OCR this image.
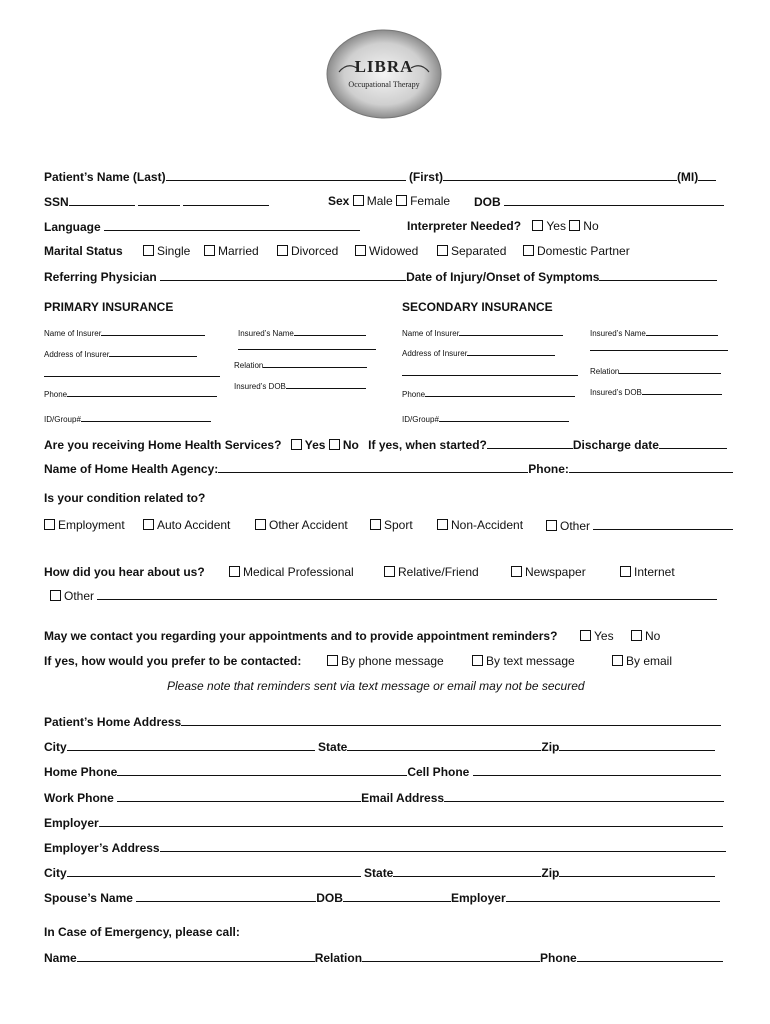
LIBRA
Occupational Therapy
Patient’s Name (Last)	(First)	(MI)
SSN	Sex Male Female DOB
Language	Interpreter Needed? Yes No
Marital Status	Single	Married	Divorced	Widowed	Separated	Domestic Partner
Referring Physician	Date of Injury/Onset of Symptoms
PRIMARY INSURANCE	SECONDARY INSURANCE
Name of Insurer
Address of Insurer
Phone
ID/Group#
Insured’s Name
Relation
Insured’s DOB
Name of Insurer
Address of Insurer
Phone
ID/Group#
Insured’s Name
Relation
Insured’s DOB
Are you receiving Home Health Services? Yes No If yes, when started?	Discharge date
Name of Home Health Agency:	Phone:
Is your condition related to?
Employment	Auto Accident	Other Accident	Sport	Non-Accident	Other
How did you hear about us?	Medical Professional	Relative/Friend	Newspaper	Internet
Other
May we contact you regarding your appointments and to provide appointment reminders?	Yes	No
If yes, how would you prefer to be contacted:	By phone message	By text message	By email
Please note that reminders sent via text message or email may not be secured
Patient’s Home Address
City	State	Zip
Home Phone	Cell Phone
Work Phone	Email Address
Employer
Employer’s Address
City	State	Zip
Spouse’s Name	DOB	Employer
In Case of Emergency, please call:
Name	Relation	Phone
